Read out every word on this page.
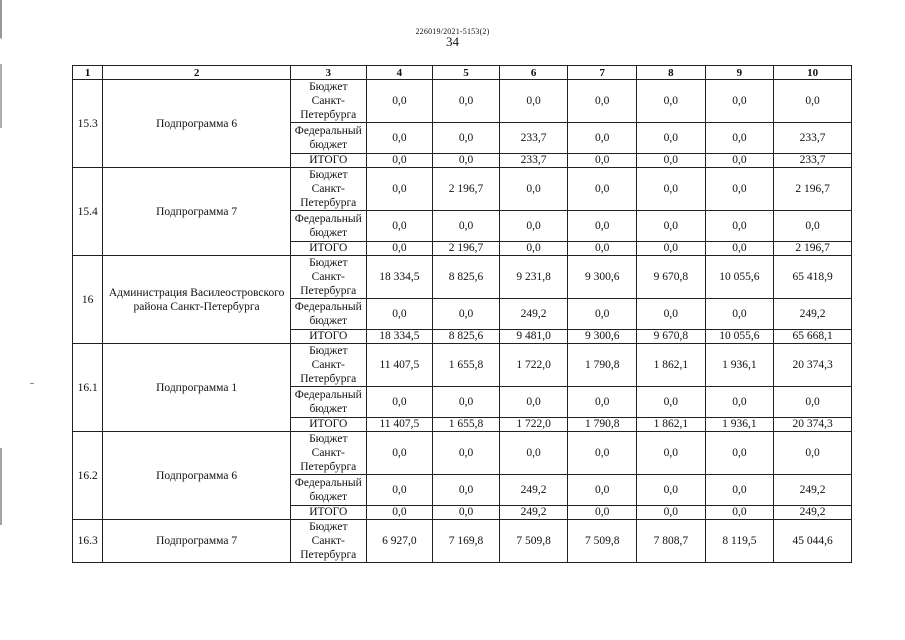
226019/2021-5153(2)
34
1	2	3	4	5	6	7	8	9	10
15.3	Подпрограмма 6	Бюджет Санкт-Петербурга	0,0	0,0	0,0	0,0	0,0	0,0	0,0
		Федеральный бюджет	0,0	0,0	233,7	0,0	0,0	0,0	233,7
		ИТОГО	0,0	0,0	233,7	0,0	0,0	0,0	233,7
15.4	Подпрограмма 7	Бюджет Санкт-Петербурга	0,0	2 196,7	0,0	0,0	0,0	0,0	2 196,7
		Федеральный бюджет	0,0	0,0	0,0	0,0	0,0	0,0	0,0
		ИТОГО	0,0	2 196,7	0,0	0,0	0,0	0,0	2 196,7
16	Администрация Василеостровского района Санкт-Петербурга	Бюджет Санкт-Петербурга	18 334,5	8 825,6	9 231,8	9 300,6	9 670,8	10 055,6	65 418,9
		Федеральный бюджет	0,0	0,0	249,2	0,0	0,0	0,0	249,2
		ИТОГО	18 334,5	8 825,6	9 481,0	9 300,6	9 670,8	10 055,6	65 668,1
16.1	Подпрограмма 1	Бюджет Санкт-Петербурга	11 407,5	1 655,8	1 722,0	1 790,8	1 862,1	1 936,1	20 374,3
		Федеральный бюджет	0,0	0,0	0,0	0,0	0,0	0,0	0,0
		ИТОГО	11 407,5	1 655,8	1 722,0	1 790,8	1 862,1	1 936,1	20 374,3
16.2	Подпрограмма 6	Бюджет Санкт-Петербурга	0,0	0,0	0,0	0,0	0,0	0,0	0,0
		Федеральный бюджет	0,0	0,0	249,2	0,0	0,0	0,0	249,2
		ИТОГО	0,0	0,0	249,2	0,0	0,0	0,0	249,2
16.3	Подпрограмма 7	Бюджет Санкт-Петербурга	6 927,0	7 169,8	7 509,8	7 509,8	7 808,7	8 119,5	45 044,6
